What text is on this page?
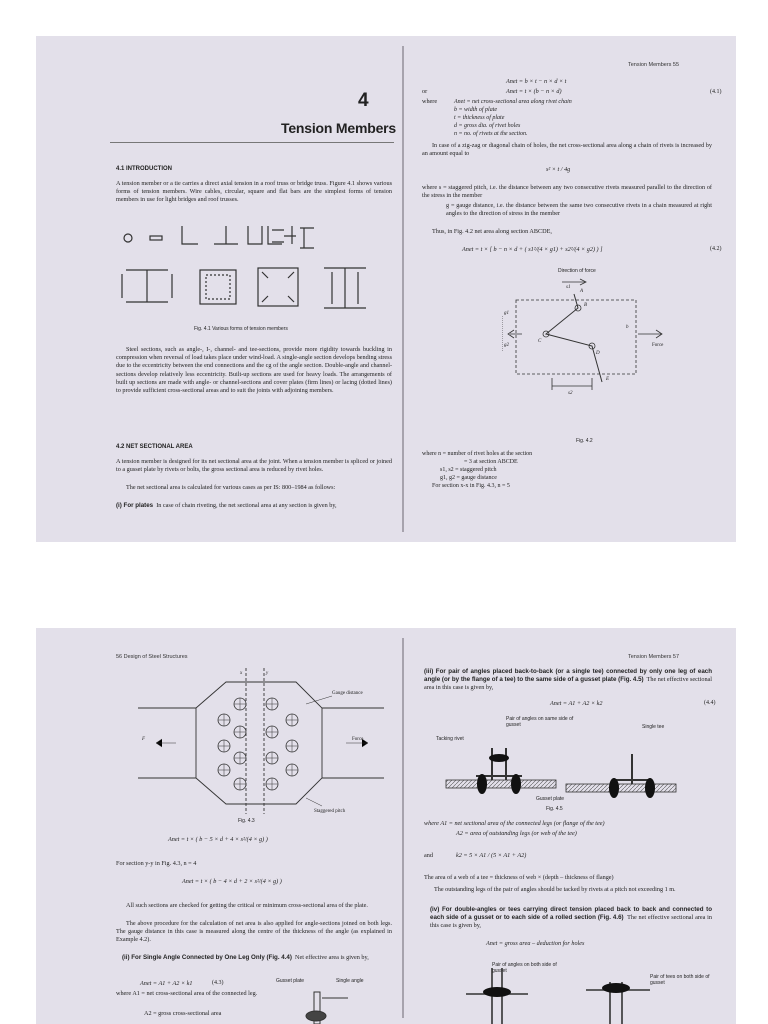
4
Tension Members
4.1 INTRODUCTION

A tension member or a tie carries a direct axial tension in a roof truss or bridge truss. Figure 4.1 shows various forms of tension members. Wire cables, circular, square and flat bars are the simplest forms of tension members in use for light bridges and roof trusses.

Fig. 4.1 Various forms of tension members

Steel sections, such as angle-, I-, channel- and tee-sections, provide more rigidity towards buckling in compression when reversal of load takes place under wind-load. A single-angle section develops bending stress due to the eccentricity between the end connections and the cg of the angle section. Double-angle and channel-sections develop relatively less eccentricity. Built-up sections are used for heavy loads. The arrangements of built up sections are made with angle- or channel-sections and cover plates (firm lines) or lacing (dotted lines) to provide sufficient cross-sectional areas and to suit the joints with adjoining members.

4.2 NET SECTIONAL AREA

A tension member is designed for its net sectional area at the joint. When a tension member is spliced or joined to a gusset plate by rivets or bolts, the gross sectional area is reduced by rivet holes.

The net sectional area is calculated for various cases as per IS: 800–1984 as follows:

(i) For plates In case of chain riveting, the net sectional area at any section is given by,

Tension Members 55
Anet = b × t − n × d × t
or	Anet = t × (b − n × d)	(4.1)
where	Anet = net cross-sectional area along rivet chain
b = width of plate
t = thickness of plate
d = gross dia. of rivet holes
n = no. of rivets at the section.

In case of a zig-zag or diagonal chain of holes, the net cross-sectional area along a chain of rivets is increased by an amount equal to

s² × t / 4g

where s = staggered pitch, i.e. the distance between any two consecutive rivets measured parallel to the direction of the stress in the member

g = gauge distance, i.e. the distance between the same two consecutive rivets in a chain measured at right angles to the direction of stress in the member

Thus, in Fig. 4.2 net area along section ABCDE,

Anet = t × [ b − n × d + ( s1²/(4 × g1) + s2²/(4 × g2) ) ]	(4.2)
Direction of force
A
B
C
D
E
g1
g2
s1
s2
b
Force
Fig. 4.2
where n = number of rivet holes at the section
= 3 at section ABCDE
s1, s2 = staggered pitch
g1, g2 = gauge distance
For section x-x in Fig. 4.3, n = 5
56 Design of Steel Structures
Gauge distance
F	Force
Staggered pitch
x	y
Fig. 4.3
Anet = t × ( b − 5 × d + 4 × s²/(4 × g) )
For section y-y in Fig. 4.3, n = 4
Anet = t × ( b − 4 × d + 2 × s²/(4 × g) )

All such sections are checked for getting the critical or minimum cross-sectional area of the plate.

The above procedure for the calculation of net area is also applied for angle-sections joined on both legs. The gauge distance in this case is measured along the centre of the thickness of the angle (as explained in Example 4.2).

(ii) For Single Angle Connected by One Leg Only (Fig. 4.4) Net effective area is given by,

Anet = A1 + A2 × k1	(4.3)

where A1 = net cross-sectional area of the connected leg.

A2 = gross cross-sectional area
Gusset plate	Single angle
Tension Members 57

(iii) For pair of angles placed back-to-back (or a single tee) connected by only one leg of each angle (or by the flange of a tee) to the same side of a gusset plate (Fig. 4.5) The net effective sectional area in this case is given by,

Anet = A1 + A2 × k2	(4.4)
Pair of angles on same side of gusset	Single tee
Tacking rivet
Gusset plate
Fig. 4.5
where A1 = net sectional area of the connected legs (or flange of the tee)
A2 = area of outstanding legs (or web of the tee)
and	k2 = 5 × A1 / (5 × A1 + A2)

The area of a web of a tee = thickness of web × (depth – thickness of flange)

The outstanding legs of the pair of angles should be tacked by rivets at a pitch not exceeding 1 m.

(iv) For double-angles or tees carrying direct tension placed back to back and connected to each side of a gusset or to each side of a rolled section (Fig. 4.6) The net effective sectional area in this case is given by,

Anet = gross area – deduction for holes
Pair of angles on both side of gusset
Pair of tees on both side of gusset
